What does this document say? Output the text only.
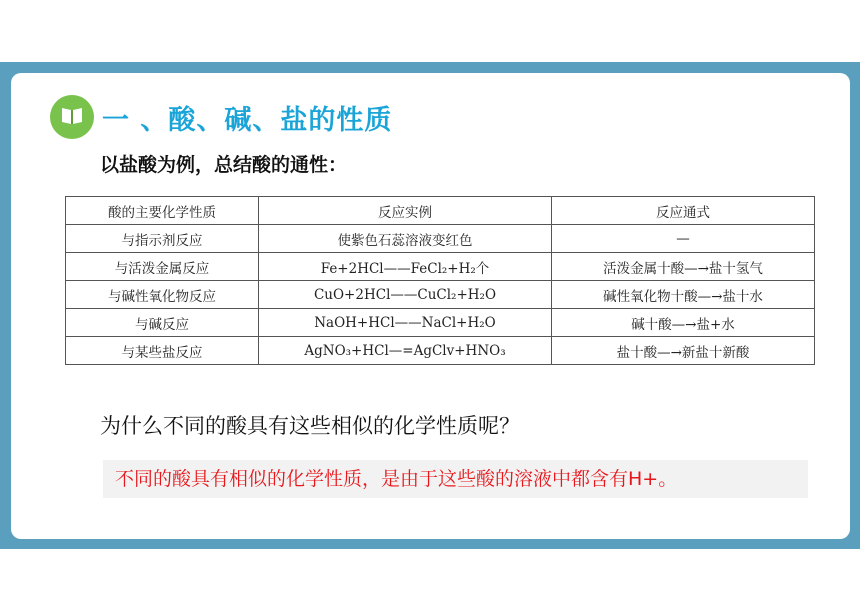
一 、酸、碱、盐的性质
以盐酸为例，总结酸的通性：
酸的主要化学性质	反应实例	反应通式
与指示剂反应	使紫色石蕊溶液变红色	—
与活泼金属反应	Fe+2HCl——FeCl₂+H₂个	活泼金属十酸—→盐十氢气
与碱性氧化物反应	CuO+2HCl——CuCl₂+H₂O	碱性氧化物十酸—→盐十水
与碱反应	NaOH+HCl——NaCl+H₂O	碱十酸—→盐+水
与某些盐反应	AgNO₃+HCl—=AgClv+HNO₃	盐十酸—→新盐十新酸
为什么不同的酸具有这些相似的化学性质呢？
不同的酸具有相似的化学性质，是由于这些酸的溶液中都含有H+。
